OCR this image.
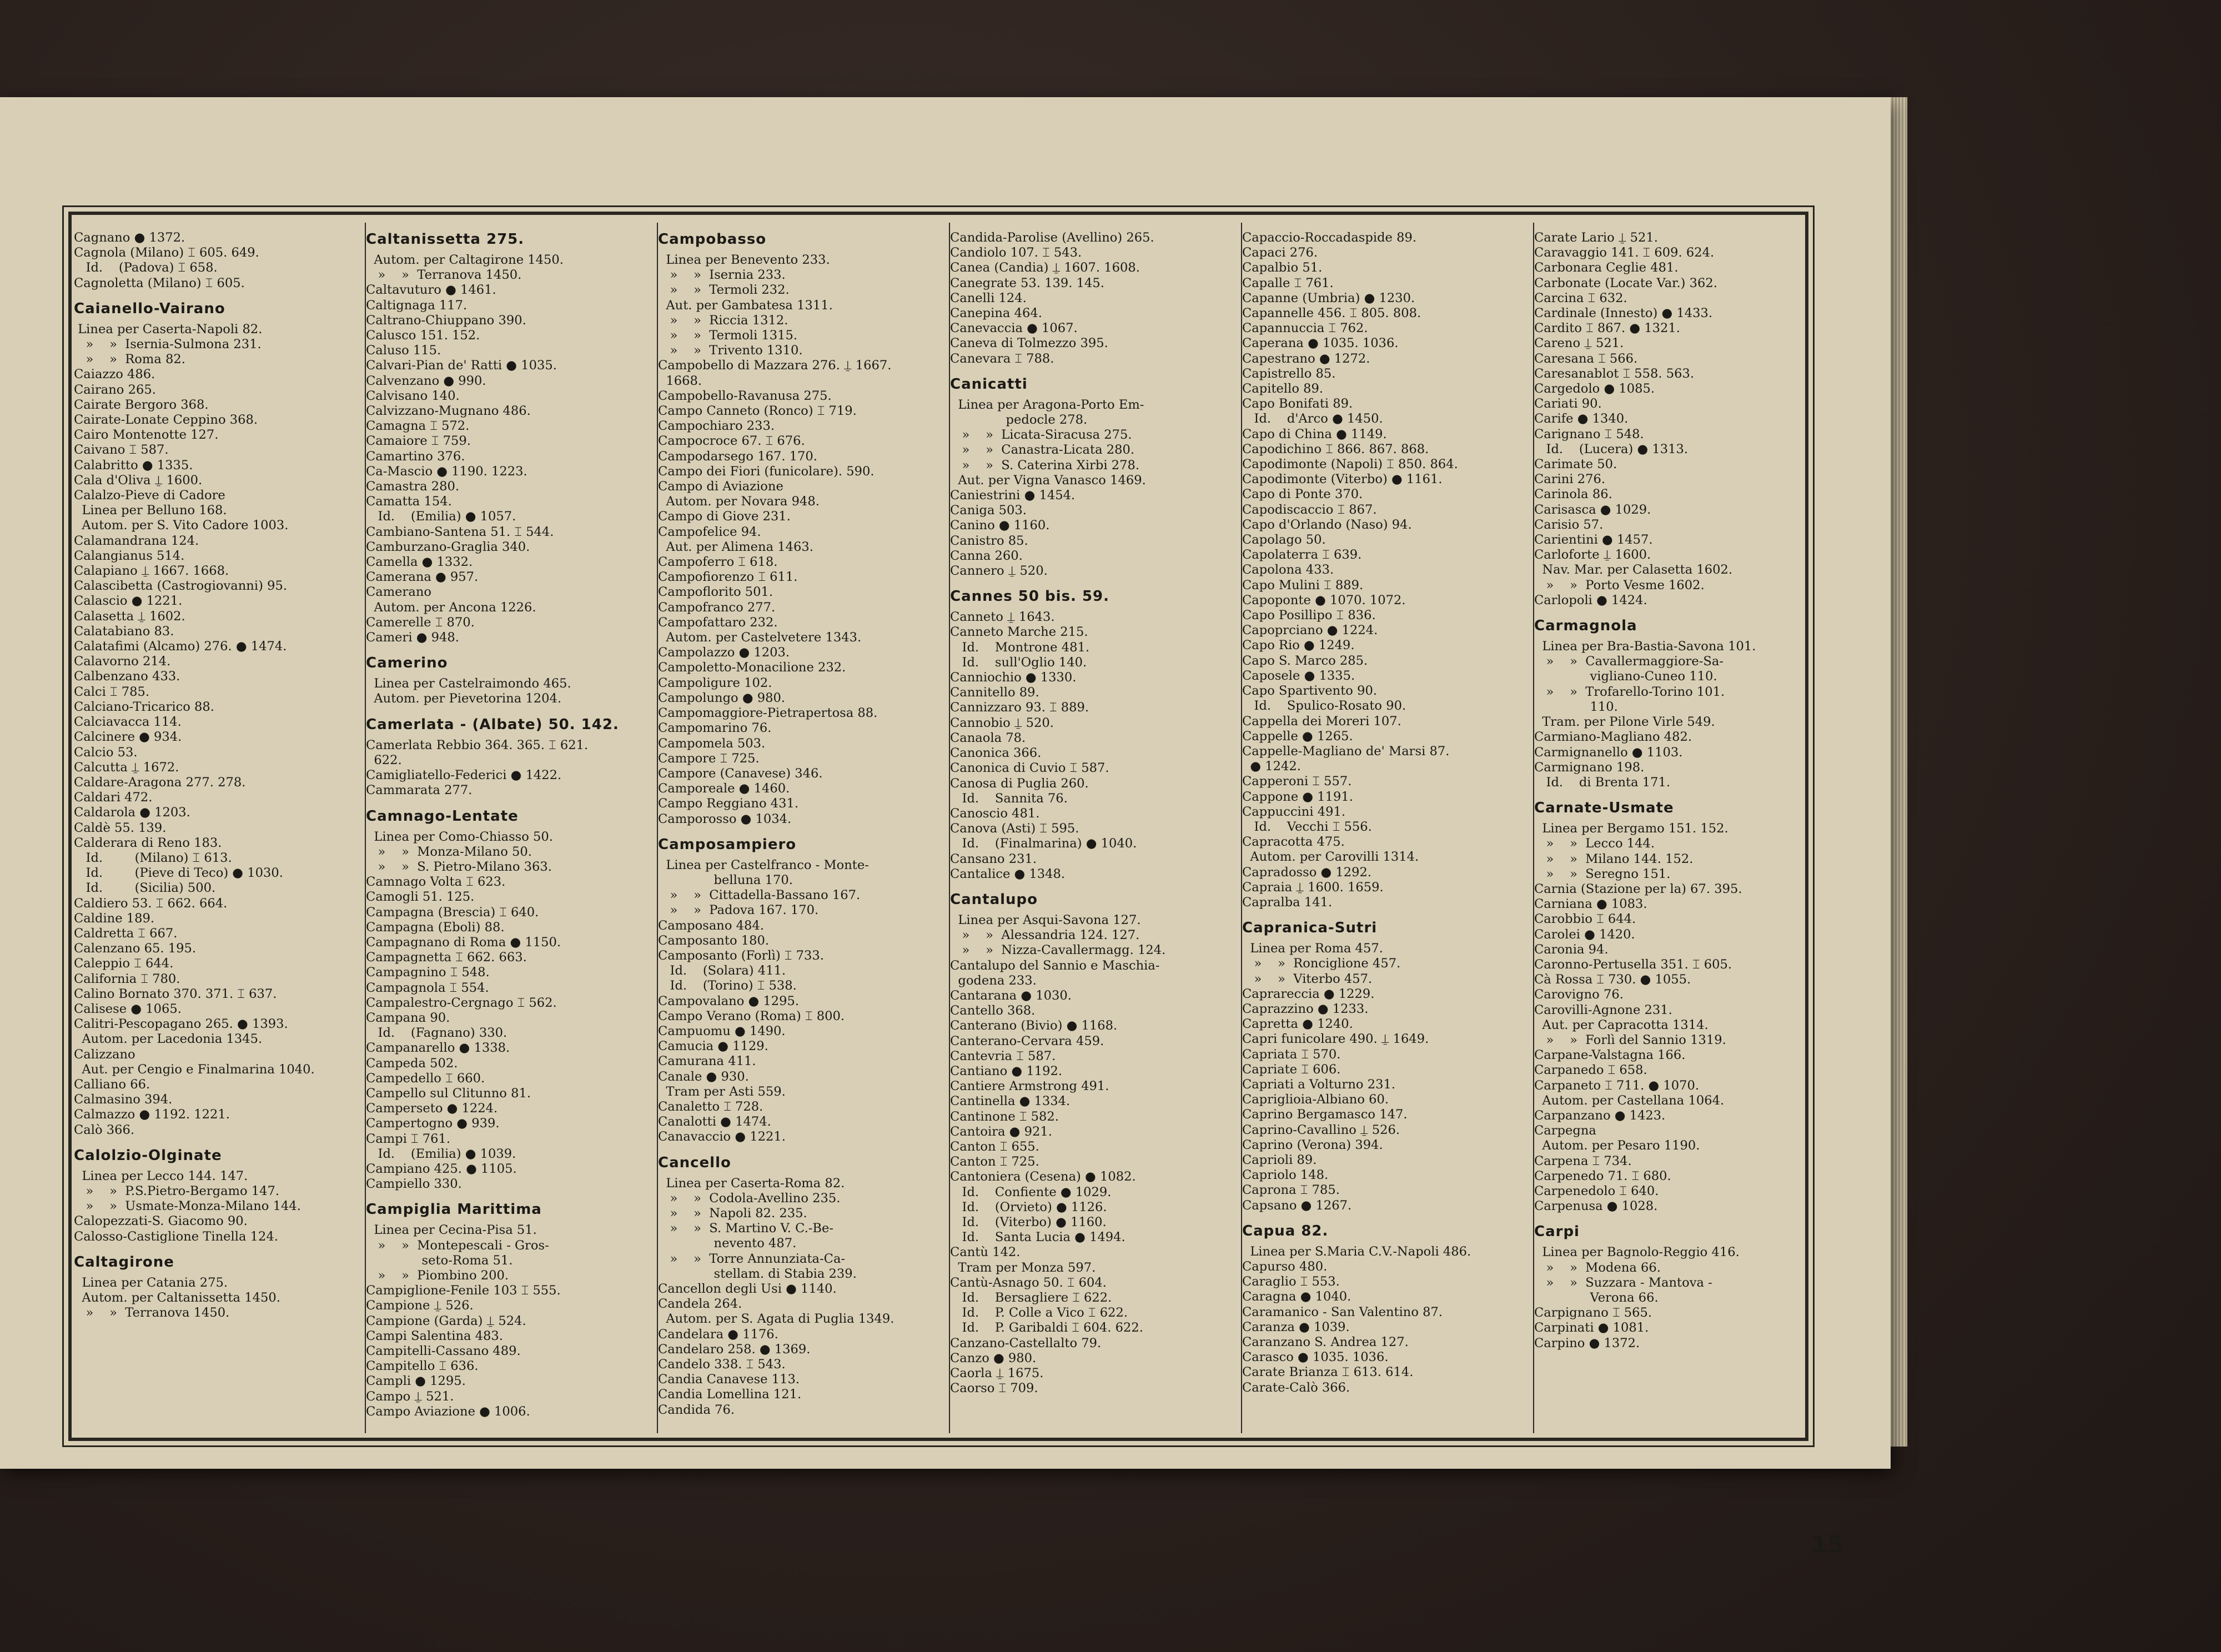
Cagnano ● 1372.
Cagnola (Milano) ⌶ 605. 649.
Id.    (Padova) ⌶ 658.
Cagnoletta (Milano) ⌶ 605.
Caianello-Vairano
Linea per Caserta-Napoli 82.
»    »  Isernia-Sulmona 231.
»    »  Roma 82.
Caiazzo 486.
Cairano 265.
Cairate Bergoro 368.
Cairate-Lonate Ceppino 368.
Cairo Montenotte 127.
Caivano ⌶ 587.
Calabritto ● 1335.
Cala d'Oliva ⍊ 1600.
Calalzo-Pieve di Cadore
Linea per Belluno 168.
Autom. per S. Vito Cadore 1003.
Calamandrana 124.
Calangianus 514.
Calapiano ⍊ 1667. 1668.
Calascibetta (Castrogiovanni) 95.
Calascio ● 1221.
Calasetta ⍊ 1602.
Calatabiano 83.
Calatafimi (Alcamo) 276. ● 1474.
Calavorno 214.
Calbenzano 433.
Calci ⌶ 785.
Calciano-Tricarico 88.
Calciavacca 114.
Calcinere ● 934.
Calcio 53.
Calcutta ⍊ 1672.
Caldare-Aragona 277. 278.
Caldari 472.
Caldarola ● 1203.
Caldè 55. 139.
Calderara di Reno 183.
Id.        (Milano) ⌶ 613.
Id.        (Pieve di Teco) ● 1030.
Id.        (Sicilia) 500.
Caldiero 53. ⌶ 662. 664.
Caldine 189.
Caldretta ⌶ 667.
Calenzano 65. 195.
Caleppio ⌶ 644.
California ⌶ 780.
Calino Bornato 370. 371. ⌶ 637.
Calisese ● 1065.
Calitri-Pescopagano 265. ● 1393.
Autom. per Lacedonia 1345.
Calizzano
Aut. per Cengio e Finalmarina 1040.
Calliano 66.
Calmasino 394.
Calmazzo ● 1192. 1221.
Calò 366.
Calolzio-Olginate
Linea per Lecco 144. 147.
»    »  P.S.Pietro-Bergamo 147.
»    »  Usmate-Monza-Milano 144.
Calopezzati-S. Giacomo 90.
Calosso-Castiglione Tinella 124.
Caltagirone
Linea per Catania 275.
Autom. per Caltanissetta 1450.
»    »  Terranova 1450.
Caltanissetta 275.
Autom. per Caltagirone 1450.
»    »  Terranova 1450.
Caltavuturo ● 1461.
Caltignaga 117.
Caltrano-Chiuppano 390.
Calusco 151. 152.
Caluso 115.
Calvari-Pian de' Ratti ● 1035.
Calvenzano ● 990.
Calvisano 140.
Calvizzano-Mugnano 486.
Camagna ⌶ 572.
Camaiore ⌶ 759.
Camartino 376.
Ca-Mascio ● 1190. 1223.
Camastra 280.
Camatta 154.
Id.    (Emilia) ● 1057.
Cambiano-Santena 51. ⌶ 544.
Camburzano-Graglia 340.
Camella ● 1332.
Camerana ● 957.
Camerano
Autom. per Ancona 1226.
Camerelle ⌶ 870.
Cameri ● 948.
Camerino
Linea per Castelraimondo 465.
Autom. per Pievetorina 1204.
Camerlata - (Albate) 50. 142.
Camerlata Rebbio 364. 365. ⌶ 621.
622.
Camigliatello-Federici ● 1422.
Cammarata 277.
Camnago-Lentate
Linea per Como-Chiasso 50.
»    »  Monza-Milano 50.
»    »  S. Pietro-Milano 363.
Camnago Volta ⌶ 623.
Camogli 51. 125.
Campagna (Brescia) ⌶ 640.
Campagna (Eboli) 88.
Campagnano di Roma ● 1150.
Campagnetta ⌶ 662. 663.
Campagnino ⌶ 548.
Campagnola ⌶ 554.
Campalestro-Cergnago ⌶ 562.
Campana 90.
Id.    (Fagnano) 330.
Campanarello ● 1338.
Campeda 502.
Campedello ⌶ 660.
Campello sul Clitunno 81.
Camperseto ● 1224.
Campertogno ● 939.
Campi ⌶ 761.
Id.    (Emilia) ● 1039.
Campiano 425. ● 1105.
Campiello 330.
Campiglia Marittima
Linea per Cecina-Pisa 51.
»    »  Montepescali - Gros-
seto-Roma 51.
»    »  Piombino 200.
Campiglione-Fenile 103 ⌶ 555.
Campione ⍊ 526.
Campione (Garda) ⍊ 524.
Campi Salentina 483.
Campitelli-Cassano 489.
Campitello ⌶ 636.
Campli ● 1295.
Campo ⍊ 521.
Campo Aviazione ● 1006.
Campobasso
Linea per Benevento 233.
»    »  Isernia 233.
»    »  Termoli 232.
Aut. per Gambatesa 1311.
»    »  Riccia 1312.
»    »  Termoli 1315.
»    »  Trivento 1310.
Campobello di Mazzara 276. ⍊ 1667.
1668.
Campobello-Ravanusa 275.
Campo Canneto (Ronco) ⌶ 719.
Campochiaro 233.
Campocroce 67. ⌶ 676.
Campodarsego 167. 170.
Campo dei Fiori (funicolare). 590.
Campo di Aviazione
Autom. per Novara 948.
Campo di Giove 231.
Campofelice 94.
Aut. per Alimena 1463.
Campoferro ⌶ 618.
Campofiorenzo ⌶ 611.
Campoflorito 501.
Campofranco 277.
Campofattaro 232.
Autom. per Castelvetere 1343.
Campolazzo ● 1203.
Campoletto-Monacilione 232.
Campoligure 102.
Campolungo ● 980.
Campomaggiore-Pietrapertosa 88.
Campomarino 76.
Campomela 503.
Campore ⌶ 725.
Campore (Canavese) 346.
Camporeale ● 1460.
Campo Reggiano 431.
Camporosso ● 1034.
Camposampiero
Linea per Castelfranco - Monte-
belluna 170.
»    »  Cittadella-Bassano 167.
»    »  Padova 167. 170.
Camposano 484.
Camposanto 180.
Camposanto (Forlì) ⌶ 733.
Id.    (Solara) 411.
Id.    (Torino) ⌶ 538.
Campovalano ● 1295.
Campo Verano (Roma) ⌶ 800.
Campuomu ● 1490.
Camucia ● 1129.
Camurana 411.
Canale ● 930.
Tram per Asti 559.
Canaletto ⌶ 728.
Canalotti ● 1474.
Canavaccio ● 1221.
Cancello
Linea per Caserta-Roma 82.
»    »  Codola-Avellino 235.
»    »  Napoli 82. 235.
»    »  S. Martino V. C.-Be-
nevento 487.
»    »  Torre Annunziata-Ca-
stellam. di Stabia 239.
Cancellon degli Usi ● 1140.
Candela 264.
Autom. per S. Agata di Puglia 1349.
Candelara ● 1176.
Candelaro 258. ● 1369.
Candelo 338. ⌶ 543.
Candia Canavese 113.
Candia Lomellina 121.
Candida 76.
Candida-Parolise (Avellino) 265.
Candiolo 107. ⌶ 543.
Canea (Candia) ⍊ 1607. 1608.
Canegrate 53. 139. 145.
Canelli 124.
Canepina 464.
Canevaccia ● 1067.
Caneva di Tolmezzo 395.
Canevara ⌶ 788.
Canicatti
Linea per Aragona-Porto Em-
pedocle 278.
»    »  Licata-Siracusa 275.
»    »  Canastra-Licata 280.
»    »  S. Caterina Xirbi 278.
Aut. per Vigna Vanasco 1469.
Caniestrini ● 1454.
Caniga 503.
Canino ● 1160.
Canistro 85.
Canna 260.
Cannero ⍊ 520.
Cannes 50 bis. 59.
Canneto ⍊ 1643.
Canneto Marche 215.
Id.    Montrone 481.
Id.    sull'Oglio 140.
Canniochio ● 1330.
Cannitello 89.
Cannizzaro 93. ⌶ 889.
Cannobio ⍊ 520.
Canaola 78.
Canonica 366.
Canonica di Cuvio ⌶ 587.
Canosa di Puglia 260.
Id.    Sannita 76.
Canoscio 481.
Canova (Asti) ⌶ 595.
Id.    (Finalmarina) ● 1040.
Cansano 231.
Cantalice ● 1348.
Cantalupo
Linea per Asqui-Savona 127.
»    »  Alessandria 124. 127.
»    »  Nizza-Cavallermagg. 124.
Cantalupo del Sannio e Maschia-
godena 233.
Cantarana ● 1030.
Cantello 368.
Canterano (Bivio) ● 1168.
Canterano-Cervara 459.
Cantevria ⌶ 587.
Cantiano ● 1192.
Cantiere Armstrong 491.
Cantinella ● 1334.
Cantinone ⌶ 582.
Cantoira ● 921.
Canton ⌶ 655.
Canton ⌶ 725.
Cantoniera (Cesena) ● 1082.
Id.    Confiente ● 1029.
Id.    (Orvieto) ● 1126.
Id.    (Viterbo) ● 1160.
Id.    Santa Lucia ● 1494.
Cantù 142.
Tram per Monza 597.
Cantù-Asnago 50. ⌶ 604.
Id.    Bersagliere ⌶ 622.
Id.    P. Colle a Vico ⌶ 622.
Id.    P. Garibaldi ⌶ 604. 622.
Canzano-Castellalto 79.
Canzo ● 980.
Caorla ⍊ 1675.
Caorso ⌶ 709.
Capaccio-Roccadaspide 89.
Capaci 276.
Capalbio 51.
Capalle ⌶ 761.
Capanne (Umbria) ● 1230.
Capannelle 456. ⌶ 805. 808.
Capannuccia ⌶ 762.
Caperana ● 1035. 1036.
Capestrano ● 1272.
Capistrello 85.
Capitello 89.
Capo Bonifati 89.
Id.    d'Arco ● 1450.
Capo di China ● 1149.
Capodichino ⌶ 866. 867. 868.
Capodimonte (Napoli) ⌶ 850. 864.
Capodimonte (Viterbo) ● 1161.
Capo di Ponte 370.
Capodiscaccio ⌶ 867.
Capo d'Orlando (Naso) 94.
Capolago 50.
Capolaterra ⌶ 639.
Capolona 433.
Capo Mulini ⌶ 889.
Capoponte ● 1070. 1072.
Capo Posillipo ⌶ 836.
Capoprciano ● 1224.
Capo Rio ● 1249.
Capo S. Marco 285.
Caposele ● 1335.
Capo Spartivento 90.
Id.    Spulico-Rosato 90.
Cappella dei Moreri 107.
Cappelle ● 1265.
Cappelle-Magliano de' Marsi 87.
● 1242.
Capperoni ⌶ 557.
Cappone ● 1191.
Cappuccini 491.
Id.    Vecchi ⌶ 556.
Capracotta 475.
Autom. per Carovilli 1314.
Capradosso ● 1292.
Capraia ⍊ 1600. 1659.
Capralba 141.
Capranica-Sutri
Linea per Roma 457.
»    »  Ronciglione 457.
»    »  Viterbo 457.
Caprareccia ● 1229.
Caprazzino ● 1233.
Capretta ● 1240.
Capri funicolare 490. ⍊ 1649.
Capriata ⌶ 570.
Capriate ⌶ 606.
Capriati a Volturno 231.
Capriglioia-Albiano 60.
Caprino Bergamasco 147.
Caprino-Cavallino ⍊ 526.
Caprino (Verona) 394.
Caprioli 89.
Capriolo 148.
Caprona ⌶ 785.
Capsano ● 1267.
Capua 82.
Linea per S.Maria C.V.-Napoli 486.
Capurso 480.
Caraglio ⌶ 553.
Caragna ● 1040.
Caramanico - San Valentino 87.
Caranza ● 1039.
Caranzano S. Andrea 127.
Carasco ● 1035. 1036.
Carate Brianza ⌶ 613. 614.
Carate-Calò 366.
Carate Lario ⍊ 521.
Caravaggio 141. ⌶ 609. 624.
Carbonara Ceglie 481.
Carbonate (Locate Var.) 362.
Carcina ⌶ 632.
Cardinale (Innesto) ● 1433.
Cardito ⌶ 867. ● 1321.
Careno ⍊ 521.
Caresana ⌶ 566.
Caresanablot ⌶ 558. 563.
Cargedolo ● 1085.
Cariati 90.
Carife ● 1340.
Carignano ⌶ 548.
Id.    (Lucera) ● 1313.
Carimate 50.
Carini 276.
Carinola 86.
Carisasca ● 1029.
Carisio 57.
Carientini ● 1457.
Carloforte ⍊ 1600.
Nav. Mar. per Calasetta 1602.
»    »  Porto Vesme 1602.
Carlopoli ● 1424.
Carmagnola
Linea per Bra-Bastia-Savona 101.
»    »  Cavallermaggiore-Sa-
vigliano-Cuneo 110.
»    »  Trofarello-Torino 101.
110.
Tram. per Pilone Virle 549.
Carmiano-Magliano 482.
Carmignanello ● 1103.
Carmignano 198.
Id.    di Brenta 171.
Carnate-Usmate
Linea per Bergamo 151. 152.
»    »  Lecco 144.
»    »  Milano 144. 152.
»    »  Seregno 151.
Carnia (Stazione per la) 67. 395.
Carniana ● 1083.
Carobbio ⌶ 644.
Carolei ● 1420.
Caronia 94.
Caronno-Pertusella 351. ⌶ 605.
Cà Rossa ⌶ 730. ● 1055.
Carovigno 76.
Carovilli-Agnone 231.
Aut. per Capracotta 1314.
»    »  Forlì del Sannio 1319.
Carpane-Valstagna 166.
Carpanedo ⌶ 658.
Carpaneto ⌶ 711. ● 1070.
Autom. per Castellana 1064.
Carpanzano ● 1423.
Carpegna
Autom. per Pesaro 1190.
Carpena ⌶ 734.
Carpenedo 71. ⌶ 680.
Carpenedolo ⌶ 640.
Carpenusa ● 1028.
Carpi
Linea per Bagnolo-Reggio 416.
»    »  Modena 66.
»    »  Suzzara - Mantova -
Verona 66.
Carpignano ⌶ 565.
Carpinati ● 1081.
Carpino ● 1372.
15
